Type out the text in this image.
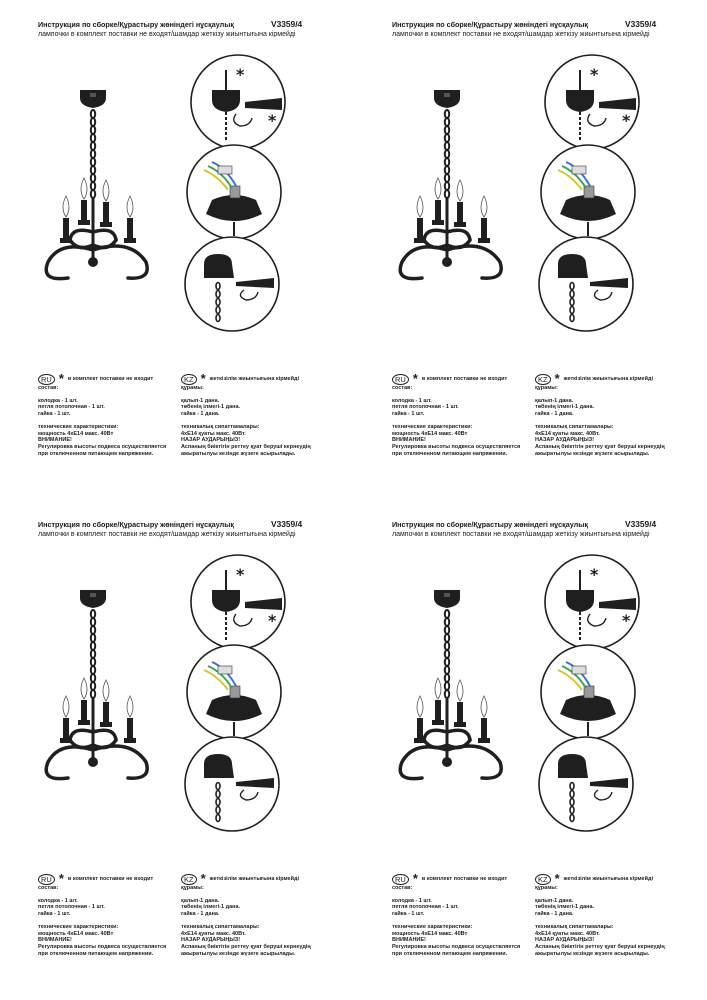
Инструкция по сборке/Құрастыру жөніндегі нұсқаулық	V3359/4
лампочки в комплект поставки не входят/шамдар жеткізу жиынтығына кірмейді
*
*

RU * в комплект поставки не входит

состав:

колодка - 1 шт.

петля потолочная - 1 шт.

гайка - 1 шт.

технические характеристики:

мощность 4xE14 макс. 40Вт

ВНИМАНИЕ!

Регулировка высоты подвеса осуществляется

при отключенном питающем напряжении.

KZ * жеткізілім жиынтығына кірмейді

құрамы:

қалып-1 дана.

төбенің ілмегі-1 дана.

гайка - 1 дана.

техникалық сипаттамалары:

4xE14 қуаты макс. 40Вт.

НАЗАР АУДАРЫҢЫЗ!

Аспаның биіктігін реттеу қуат беруші кернеудің

ажыратылуы кезінде жүзеге асырылады.

Инструкция по сборке/Құрастыру жөніндегі нұсқаулық	V3359/4
лампочки в комплект поставки не входят/шамдар жеткізу жиынтығына кірмейді
*
*

RU * в комплект поставки не входит

состав:

колодка - 1 шт.

петля потолочная - 1 шт.

гайка - 1 шт.

технические характеристики:

мощность 4xE14 макс. 40Вт

ВНИМАНИЕ!

Регулировка высоты подвеса осуществляется

при отключенном питающем напряжении.

KZ * жеткізілім жиынтығына кірмейді

құрамы:

қалып-1 дана.

төбенің ілмегі-1 дана.

гайка - 1 дана.

техникалық сипаттамалары:

4xE14 қуаты макс. 40Вт.

НАЗАР АУДАРЫҢЫЗ!

Аспаның биіктігін реттеу қуат беруші кернеудің

ажыратылуы кезінде жүзеге асырылады.

Инструкция по сборке/Құрастыру жөніндегі нұсқаулық	V3359/4
лампочки в комплект поставки не входят/шамдар жеткізу жиынтығына кірмейді
*
*

RU * в комплект поставки не входит

состав:

колодка - 1 шт.

петля потолочная - 1 шт.

гайка - 1 шт.

технические характеристики:

мощность 4xE14 макс. 40Вт

ВНИМАНИЕ!

Регулировка высоты подвеса осуществляется

при отключенном питающем напряжении.

KZ * жеткізілім жиынтығына кірмейді

құрамы:

қалып-1 дана.

төбенің ілмегі-1 дана.

гайка - 1 дана.

техникалық сипаттамалары:

4xE14 қуаты макс. 40Вт.

НАЗАР АУДАРЫҢЫЗ!

Аспаның биіктігін реттеу қуат беруші кернеудің

ажыратылуы кезінде жүзеге асырылады.

Инструкция по сборке/Құрастыру жөніндегі нұсқаулық	V3359/4
лампочки в комплект поставки не входят/шамдар жеткізу жиынтығына кірмейді
*
*

RU * в комплект поставки не входит

состав:

колодка - 1 шт.

петля потолочная - 1 шт.

гайка - 1 шт.

технические характеристики:

мощность 4xE14 макс. 40Вт

ВНИМАНИЕ!

Регулировка высоты подвеса осуществляется

при отключенном питающем напряжении.

KZ * жеткізілім жиынтығына кірмейді

құрамы:

қалып-1 дана.

төбенің ілмегі-1 дана.

гайка - 1 дана.

техникалық сипаттамалары:

4xE14 қуаты макс. 40Вт.

НАЗАР АУДАРЫҢЫЗ!

Аспаның биіктігін реттеу қуат беруші кернеудің

ажыратылуы кезінде жүзеге асырылады.
